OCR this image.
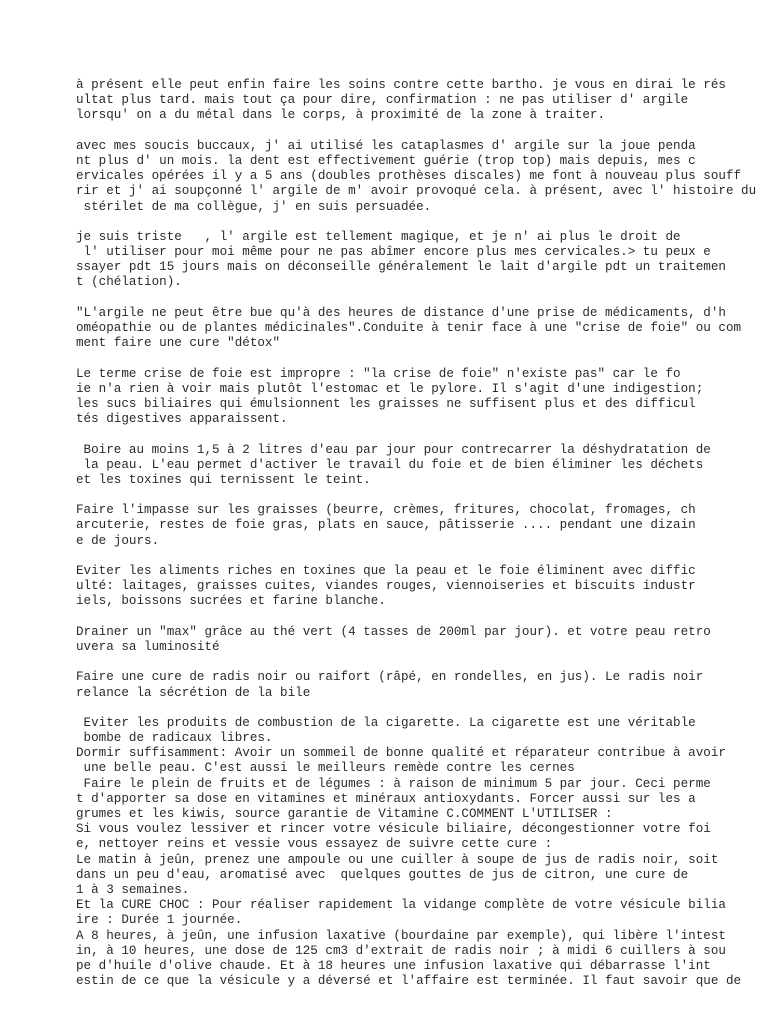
à présent elle peut enfin faire les soins contre cette bartho. je vous en dirai le rés
ultat plus tard. mais tout ça pour dire, confirmation : ne pas utiliser d' argile
lorsqu' on a du métal dans le corps, à proximité de la zone à traiter.
avec mes soucis buccaux, j' ai utilisé les cataplasmes d' argile sur la joue penda
nt plus d' un mois. la dent est effectivement guérie (trop top) mais depuis, mes c
ervicales opérées il y a 5 ans (doubles prothèses discales) me font à nouveau plus souff
rir et j' ai soupçonné l' argile de m' avoir provoqué cela. à présent, avec l' histoire du
stérilet de ma collègue, j' en suis persuadée.
je suis triste   , l' argile est tellement magique, et je n' ai plus le droit de
l' utiliser pour moi même pour ne pas abîmer encore plus mes cervicales.> tu peux e
ssayer pdt 15 jours mais on déconseille généralement le lait d'argile pdt un traitemen
t (chélation).
"L'argile ne peut être bue qu'à des heures de distance d'une prise de médicaments, d'h
oméopathie ou de plantes médicinales".Conduite à tenir face à une "crise de foie" ou com
ment faire une cure "détox"
Le terme crise de foie est impropre : "la crise de foie" n'existe pas" car le fo
ie n'a rien à voir mais plutôt l'estomac et le pylore. Il s'agit d'une indigestion;
les sucs biliaires qui émulsionnent les graisses ne suffisent plus et des difficul
tés digestives apparaissent.
Boire au moins 1,5 à 2 litres d'eau par jour pour contrecarrer la déshydratation de
la peau. L'eau permet d'activer le travail du foie et de bien éliminer les déchets
et les toxines qui ternissent le teint.
Faire l'impasse sur les graisses (beurre, crèmes, fritures, chocolat, fromages, ch
arcuterie, restes de foie gras, plats en sauce, pâtisserie .... pendant une dizain
e de jours.
Eviter les aliments riches en toxines que la peau et le foie éliminent avec diffic
ulté: laitages, graisses cuites, viandes rouges, viennoiseries et biscuits industr
iels, boissons sucrées et farine blanche.
Drainer un "max" grâce au thé vert (4 tasses de 200ml par jour). et votre peau retro
uvera sa luminosité
Faire une cure de radis noir ou raifort (râpé, en rondelles, en jus). Le radis noir
relance la sécrétion de la bile
Eviter les produits de combustion de la cigarette. La cigarette est une véritable
bombe de radicaux libres.
Dormir suffisamment: Avoir un sommeil de bonne qualité et réparateur contribue à avoir
une belle peau. C'est aussi le meilleurs remède contre les cernes
Faire le plein de fruits et de légumes : à raison de minimum 5 par jour. Ceci perme
t d'apporter sa dose en vitamines et minéraux antioxydants. Forcer aussi sur les a
grumes et les kiwis, source garantie de Vitamine C.COMMENT L'UTILISER :
Si vous voulez lessiver et rincer votre vésicule biliaire, décongestionner votre foi
e, nettoyer reins et vessie vous essayez de suivre cette cure :
Le matin à jeûn, prenez une ampoule ou une cuiller à soupe de jus de radis noir, soit
dans un peu d'eau, aromatisé avec  quelques gouttes de jus de citron, une cure de
1 à 3 semaines.
Et la CURE CHOC : Pour réaliser rapidement la vidange complète de votre vésicule bilia
ire : Durée 1 journée.
A 8 heures, à jeûn, une infusion laxative (bourdaine par exemple), qui libère l'intest
in, à 10 heures, une dose de 125 cm3 d'extrait de radis noir ; à midi 6 cuillers à sou
pe d'huile d'olive chaude. Et à 18 heures une infusion laxative qui débarrasse l'int
estin de ce que la vésicule y a déversé et l'affaire est terminée. Il faut savoir que de
